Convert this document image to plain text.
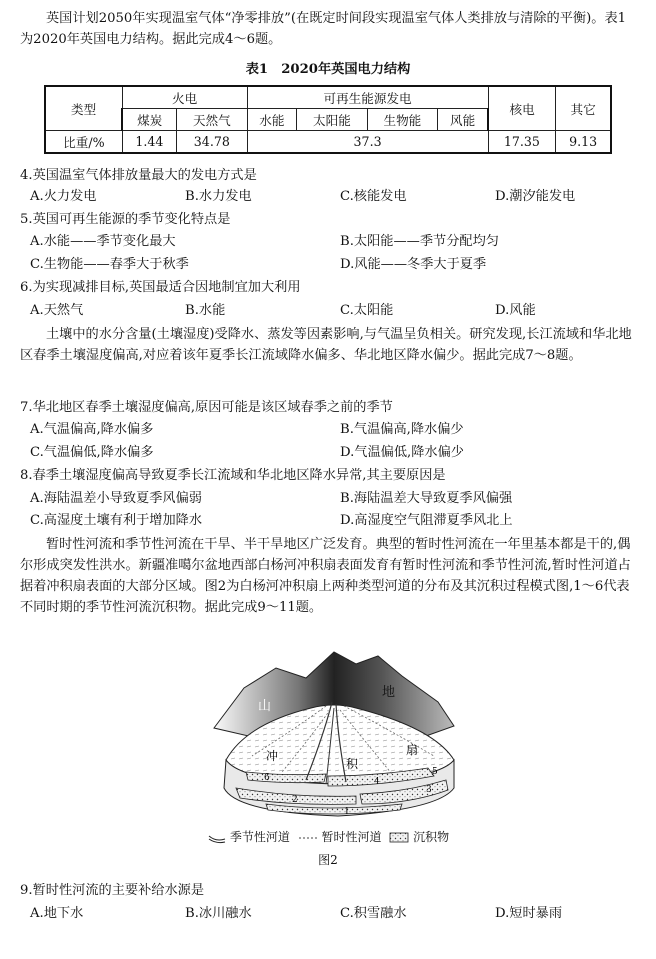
英国计划2050年实现温室气体“净零排放”(在既定时间段实现温室气体人类排放与清除的平衡)。表1为2020年英国电力结构。据此完成4～6题。

表1　2020年英国电力结构
类型	火电		可再生能源发电				核电	其它
	煤炭	天然气	水能	太阳能	生物能	风能		
比重/%	1.44	34.78	37.3				17.35	9.13
4.英国温室气体排放量最大的发电方式是
A.火力发电	B.水力发电	C.核能发电	D.潮汐能发电
5.英国可再生能源的季节变化特点是
A.水能——季节变化最大	B.太阳能——季节分配均匀
C.生物能——春季大于秋季	D.风能——冬季大于夏季
6.为实现减排目标,英国最适合因地制宜加大利用
A.天然气	B.水能	C.太阳能	D.风能

土壤中的水分含量(土壤湿度)受降水、蒸发等因素影响,与气温呈负相关。研究发现,长江流域和华北地区春季土壤湿度偏高,对应着该年夏季长江流域降水偏多、华北地区降水偏少。据此完成7～8题。

7.华北地区春季土壤湿度偏高,原因可能是该区域春季之前的季节
A.气温偏高,降水偏多	B.气温偏高,降水偏少
C.气温偏低,降水偏多	D.气温偏低,降水偏少
8.春季土壤湿度偏高导致夏季长江流域和华北地区降水异常,其主要原因是
A.海陆温差小导致夏季风偏弱	B.海陆温差大导致夏季风偏强
C.高湿度土壤有利于增加降水	D.高湿度空气阻滞夏季风北上

暂时性河流和季节性河流在干旱、半干旱地区广泛发育。典型的暂时性河流在一年里基本都是干的,偶尔形成突发性洪水。新疆准噶尔盆地西部白杨河冲积扇表面发育有暂时性河流和季节性河流,暂时性河道占据着冲积扇表面的大部分区域。图2为白杨河冲积扇上两种类型河道的分布及其沉积过程模式图,1～6代表不同时期的季节性河流沉积物。据此完成9～11题。

山
地
冲
积
扇
1
2
3
4
5
6
季节性河道	暂时性河道	沉积物
图2
9.暂时性河流的主要补给水源是
A.地下水	B.冰川融水	C.积雪融水	D.短时暴雨
